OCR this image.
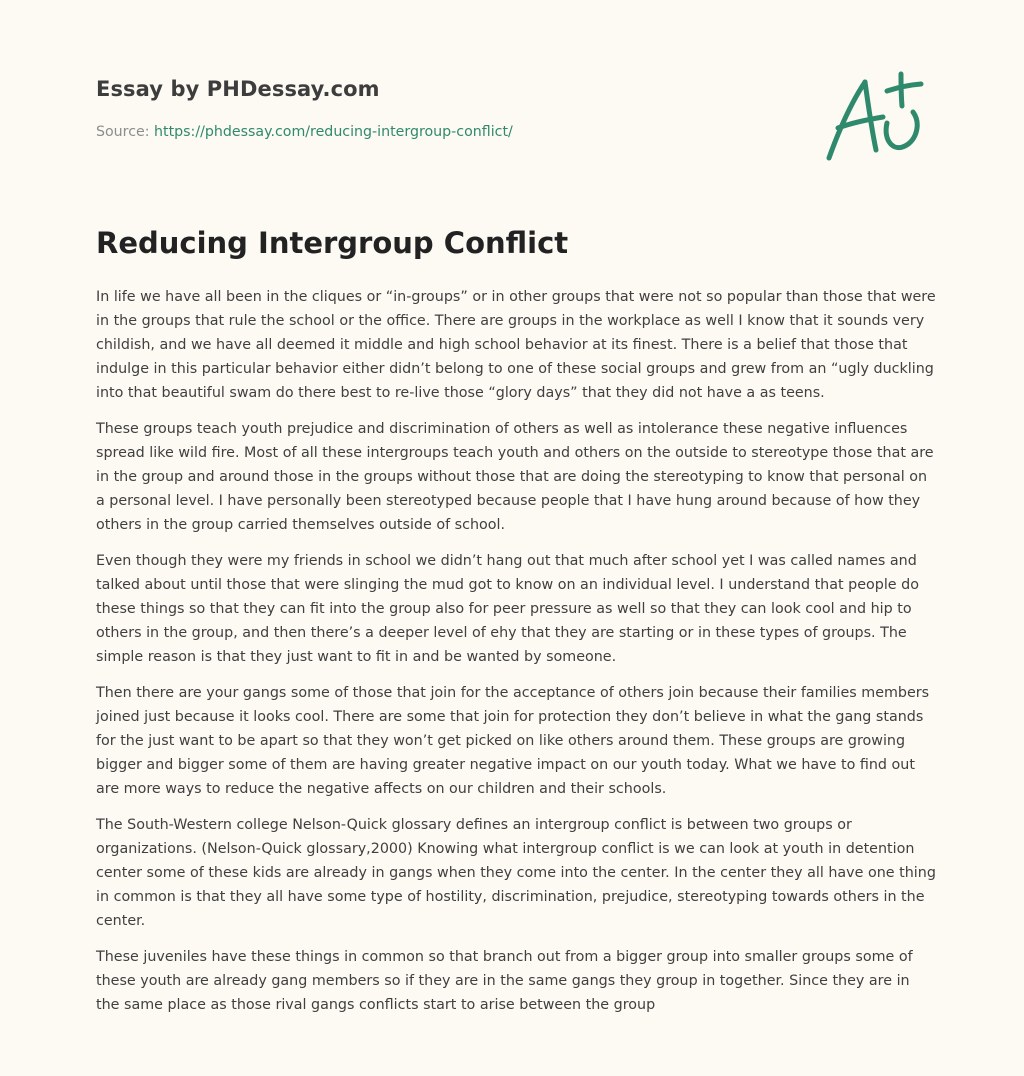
Essay by PHDessay.com
Source: https://phdessay.com/reducing-intergroup-conflict/
Reducing Intergroup Conflict

In life we have all been in the cliques or “in-groups” or in other groups that were not so popular than those that were in the groups that rule the school or the office. There are groups in the workplace as well I know that it sounds very childish, and we have all deemed it middle and high school behavior at its finest. There is a belief that those that indulge in this particular behavior either didn’t belong to one of these social groups and grew from an “ugly duckling into that beautiful swam do there best to re-live those “glory days” that they did not have a as teens.

These groups teach youth prejudice and discrimination of others as well as intolerance these negative influences spread like wild fire. Most of all these intergroups teach youth and others on the outside to stereotype those that are in the group and around those in the groups without those that are doing the stereotyping to know that personal on a personal level. I have personally been stereotyped because people that I have hung around because of how they others in the group carried themselves outside of school.

Even though they were my friends in school we didn’t hang out that much after school yet I was called names and talked about until those that were slinging the mud got to know on an individual level. I understand that people do these things so that they can fit into the group also for peer pressure as well so that they can look cool and hip to others in the group, and then there’s a deeper level of ehy that they are starting or in these types of groups. The simple reason is that they just want to fit in and be wanted by someone.

Then there are your gangs some of those that join for the acceptance of others join because their families members joined just because it looks cool. There are some that join for protection they don’t believe in what the gang stands for the just want to be apart so that they won’t get picked on like others around them. These groups are growing bigger and bigger some of them are having greater negative impact on our youth today. What we have to find out are more ways to reduce the negative affects on our children and their schools.

The South-Western college Nelson-Quick glossary defines an intergroup conflict is between two groups or organizations. (Nelson-Quick glossary,2000) Knowing what intergroup conflict is we can look at youth in detention center some of these kids are already in gangs when they come into the center. In the center they all have one thing in common is that they all have some type of hostility, discrimination, prejudice, stereotyping towards others in the center.

These juveniles have these things in common so that branch out from a bigger group into smaller groups some of these youth are already gang members so if they are in the same gangs they group in together. Since they are in the same place as those rival gangs conflicts start to arise between the group
